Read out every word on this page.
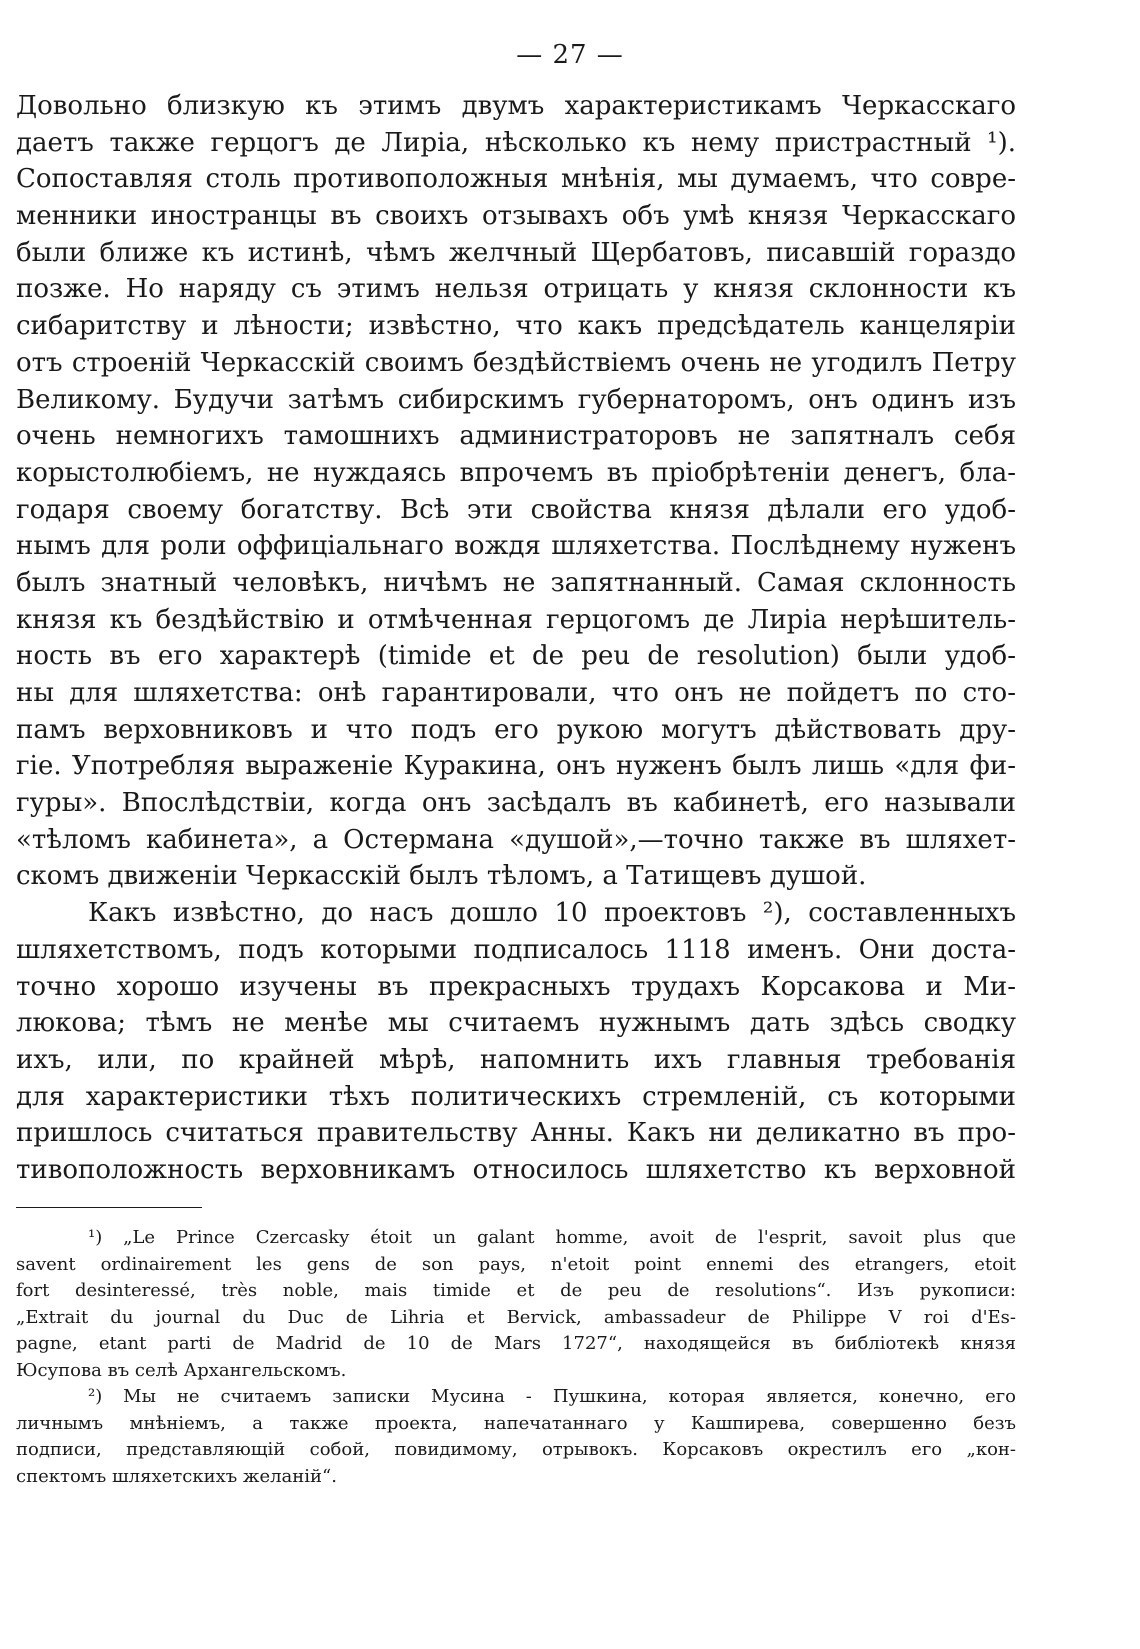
— 27 —
Довольно близкую къ этимъ двумъ характеристикамъ Черкасскаго
даетъ также герцогъ де Лиріа, нѣсколько къ нему пристрастный ¹).
Сопоставляя столь противоположныя мнѣнія, мы думаемъ, что совре-
менники иностранцы въ своихъ отзывахъ объ умѣ князя Черкасскаго
были ближе къ истинѣ, чѣмъ желчный Щербатовъ, писавшій гораздо
позже. Но наряду съ этимъ нельзя отрицать у князя склонности къ
сибаритству и лѣности; извѣстно, что какъ предсѣдатель канцеляріи
отъ строеній Черкасскій своимъ бездѣйствіемъ очень не угодилъ Петру
Великому. Будучи затѣмъ сибирскимъ губернаторомъ, онъ одинъ изъ
очень немногихъ тамошнихъ администраторовъ не запятналъ себя
корыстолюбіемъ, не нуждаясь впрочемъ въ пріобрѣтеніи денегъ, бла-
годаря своему богатству. Всѣ эти свойства князя дѣлали его удоб-
нымъ для роли оффиціальнаго вождя шляхетства. Послѣднему нуженъ
былъ знатный человѣкъ, ничѣмъ не запятнанный. Самая склонность
князя къ бездѣйствію и отмѣченная герцогомъ де Лиріа нерѣшитель-
ность въ его характерѣ (timide et de peu de resolution) были удоб-
ны для шляхетства: онѣ гарантировали, что онъ не пойдетъ по сто-
памъ верховниковъ и что подъ его рукою могутъ дѣйствовать дру-
гіе. Употребляя выраженіе Куракина, онъ нуженъ былъ лишь «для фи-
гуры». Впослѣдствіи, когда онъ засѣдалъ въ кабинетѣ, его называли
«тѣломъ кабинета», а Остермана «душой»,—точно также въ шляхет-
скомъ движеніи Черкасскій былъ тѣломъ, а Татищевъ душой.
Какъ извѣстно, до насъ дошло 10 проектовъ ²), составленныхъ
шляхетствомъ, подъ которыми подписалось 1118 именъ. Они доста-
точно хорошо изучены въ прекрасныхъ трудахъ Корсакова и Ми-
люкова; тѣмъ не менѣе мы считаемъ нужнымъ дать здѣсь сводку
ихъ, или, по крайней мѣрѣ, напомнить ихъ главныя требованія
для характеристики тѣхъ политическихъ стремленій, съ которыми
пришлось считаться правительству Анны. Какъ ни деликатно въ про-
тивоположность верховникамъ относилось шляхетство къ верховной
¹) „Le Prince Czercasky étoit un galant homme, avoit de l'esprit, savoit plus que
savent ordinairement les gens de son pays, n'etoit point ennemi des etrangers, etoit
fort desinteressé, très noble, mais timide et de peu de resolutions“. Изъ рукописи:
„Extrait du journal du Duc de Lihria et Bervick, ambassadeur de Philippe V roi d'Es-
pagne, etant parti de Madrid de 10 de Mars 1727“, находящейся въ библіотекѣ князя
Юсупова въ селѣ Архангельскомъ.
²) Мы не считаемъ записки Мусина - Пушкина, которая является, конечно, его
личнымъ мнѣніемъ, а также проекта, напечатаннаго у Кашпирева, совершенно безъ
подписи, представляющій собой, повидимому, отрывокъ. Корсаковъ окрестилъ его „кон-
спектомъ шляхетскихъ желаній“.
